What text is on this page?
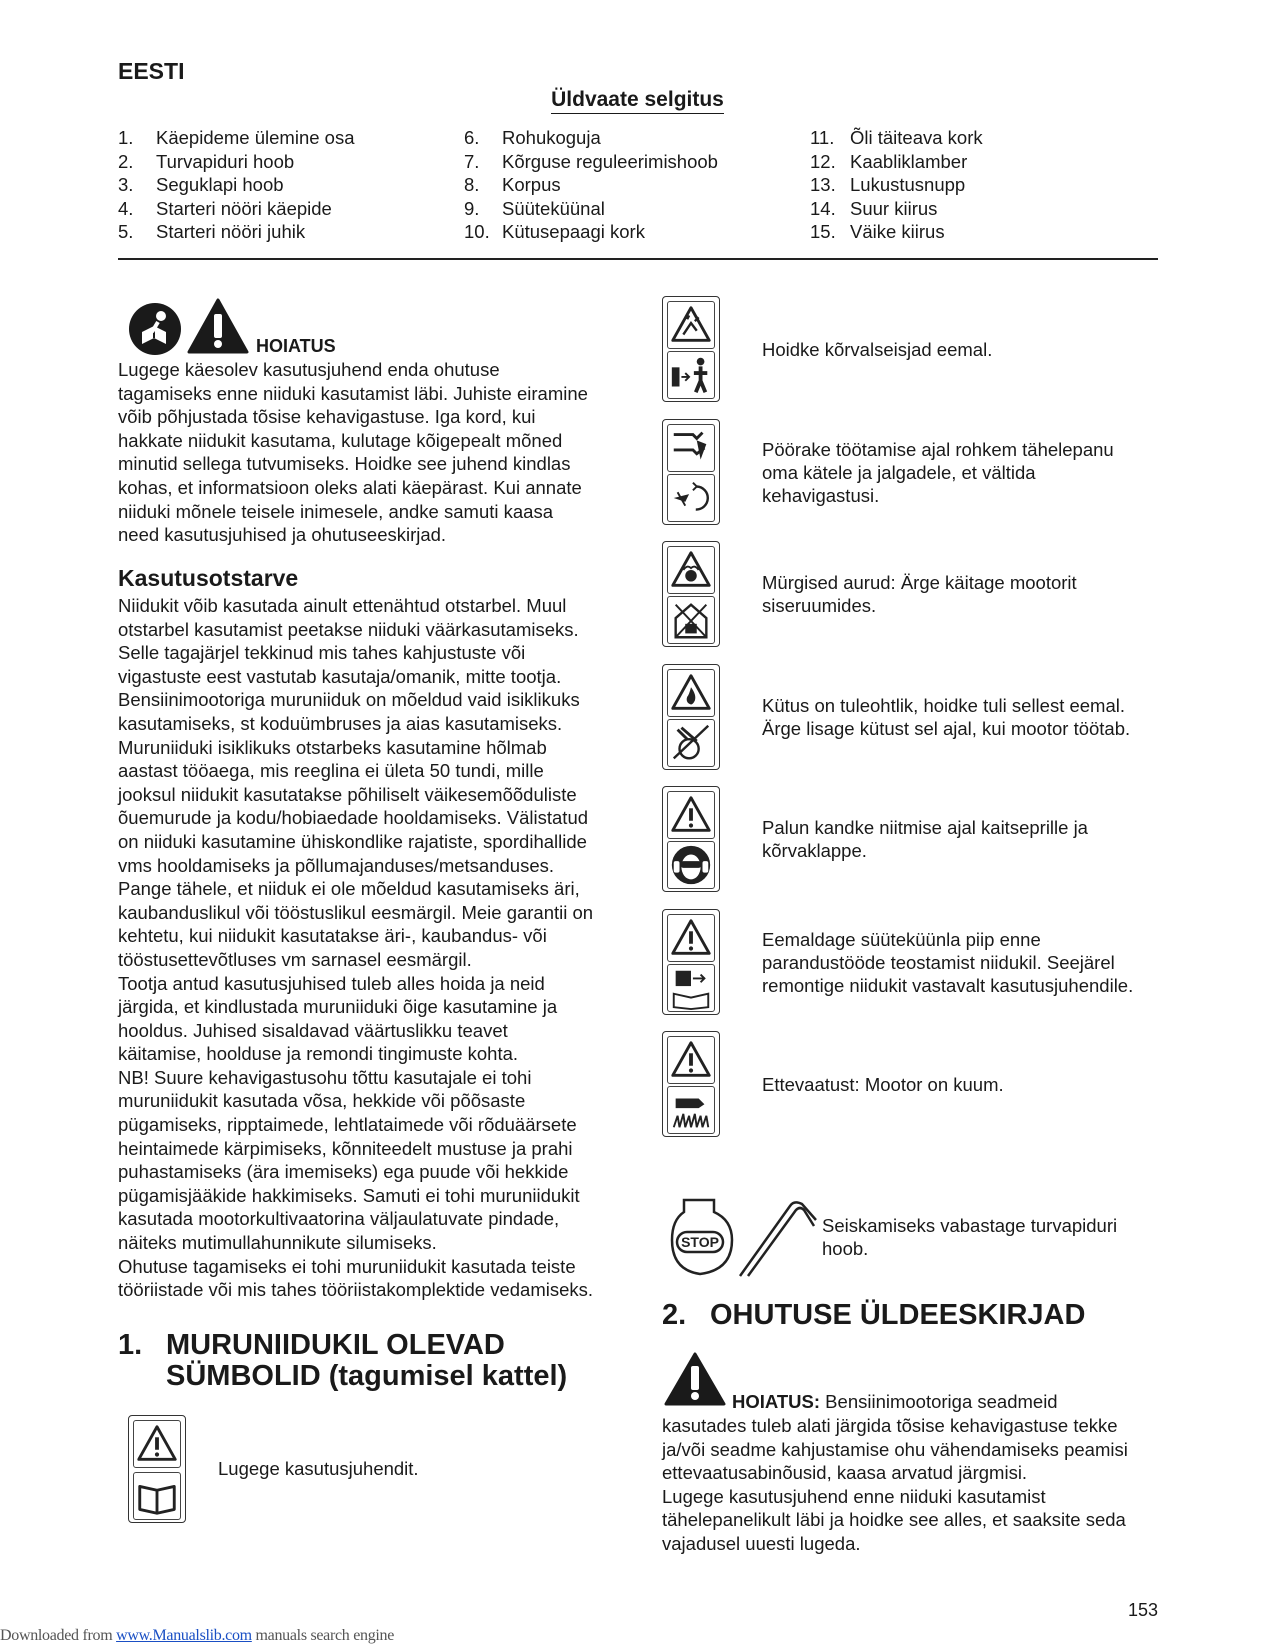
EESTI
Üldvaate selgitus
1.	Käepideme ülemine osa
2.	Turvapiduri hoob
3.	Seguklapi hoob
4.	Starteri nööri käepide
5.	Starteri nööri juhik
6.	Rohukoguja
7.	Kõrguse reguleerimishoob
8.	Korpus
9.	Süüteküünal
10. Kütusepaagi kork
11. Õli täiteava kork
12. Kaabliklamber
13. Lukustusnupp
14. Suur kiirus
15. Väike kiirus
HOIATUS
Lugege käesolev kasutusjuhend enda ohutuse
tagamiseks enne niiduki kasutamist läbi. Juhiste eiramine
võib põhjustada tõsise kehavigastuse. Iga kord, kui
hakkate niidukit kasutama, kulutage kõigepealt mõned
minutid sellega tutvumiseks. Hoidke see juhend kindlas
kohas, et informatsioon oleks alati käepärast. Kui annate
niiduki mõnele teisele inimesele, andke samuti kaasa
need kasutusjuhised ja ohutuseeskirjad.
Kasutusotstarve
Niidukit võib kasutada ainult ettenähtud otstarbel. Muul
otstarbel kasutamist peetakse niiduki väärkasutamiseks.
Selle tagajärjel tekkinud mis tahes kahjustuste või
vigastuste eest vastutab kasutaja/omanik, mitte tootja.
Bensiinimootoriga muruniiduk on mõeldud vaid isiklikuks
kasutamiseks, st koduümbruses ja aias kasutamiseks.
Muruniiduki isiklikuks otstarbeks kasutamine hõlmab
aastast tööaega, mis reeglina ei ületa 50 tundi, mille
jooksul niidukit kasutatakse põhiliselt väikesemõõduliste
õuemurude ja kodu/hobiaedade hooldamiseks. Välistatud
on niiduki kasutamine ühiskondlike rajatiste, spordihallide
vms hooldamiseks ja põllumajanduses/metsanduses.
Pange tähele, et niiduk ei ole mõeldud kasutamiseks äri,
kaubanduslikul või tööstuslikul eesmärgil. Meie garantii on
kehtetu, kui niidukit kasutatakse äri-, kaubandus- või
tööstusettevõtluses vm sarnasel eesmärgil.
Tootja antud kasutusjuhised tuleb alles hoida ja neid
järgida, et kindlustada muruniiduki õige kasutamine ja
hooldus. Juhised sisaldavad väärtuslikku teavet
käitamise, hoolduse ja remondi tingimuste kohta.
NB! Suure kehavigastusohu tõttu kasutajale ei tohi
muruniidukit kasutada võsa, hekkide või põõsaste
pügamiseks, ripptaimede, lehtlataimede või rõduäärsete
heintaimede kärpimiseks, kõnniteedelt mustuse ja prahi
puhastamiseks (ära imemiseks) ega puude või hekkide
pügamisjääkide hakkimiseks. Samuti ei tohi muruniidukit
kasutada mootorkultivaatorina väljaulatuvate pindade,
näiteks mutimullahunnikute silumiseks.
Ohutuse tagamiseks ei tohi muruniidukit kasutada teiste
tööriistade või mis tahes tööriistakomplektide vedamiseks.
1. MURUNIIDUKIL OLEVAD
SÜMBOLID (tagumisel kattel)
Lugege kasutusjuhendit.
Hoidke kõrvalseisjad eemal.
Pöörake töötamise ajal rohkem tähelepanu
oma kätele ja jalgadele, et vältida
kehavigastusi.
Mürgised aurud: Ärge käitage mootorit
siseruumides.
Kütus on tuleohtlik, hoidke tuli sellest eemal.
Ärge lisage kütust sel ajal, kui mootor töötab.
Palun kandke niitmise ajal kaitseprille ja
kõrvaklappe.
Eemaldage süüteküünla piip enne
parandustööde teostamist niidukil. Seejärel
remontige niidukit vastavalt kasutusjuhendile.
Ettevaatust: Mootor on kuum.
STOP
Seiskamiseks vabastage turvapiduri
hoob.
2. OHUTUSE ÜLDEESKIRJAD
HOIATUS: Bensiinimootoriga seadmeid
kasutades tuleb alati järgida tõsise kehavigastuse tekke
ja/või seadme kahjustamise ohu vähendamiseks peamisi
ettevaatusabinõusid, kaasa arvatud järgmisi.
Lugege kasutusjuhend enne niiduki kasutamist
tähelepanelikult läbi ja hoidke see alles, et saaksite seda
vajadusel uuesti lugeda.
153
Downloaded from www.Manualslib.com manuals search engine
